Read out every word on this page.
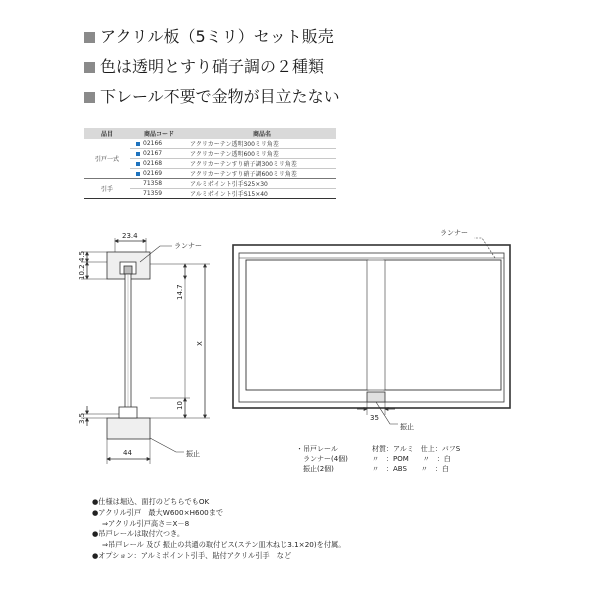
アクリル板（5ミリ）セット販売
色は透明とすり硝子調の２種類
下レール不要で金物が目立たない
品目	商品コード	商品名
引戸一式	02166	アクリカーテン透明300ミリ角差
	02167	アクリカーテン透明600ミリ角差
	02168	アクリカーテンすり硝子調300ミリ角差
	02169	アクリカーテンすり硝子調600ミリ角差
引手	71358	アルミポイント引手S25×30
	71359	アルミポイント引手S15×40
23.4
4.5
10.2
14.7
X
10
3.5
44
ランナー
振止
ランナー
35
振止
・吊戸レール	材質：アルミ　仕上：バフS
　ランナー(4個)	〃　：POM　　〃　：白
　振止(2個)	〃　：ABS　　〃　：白
●仕様は堀込、面打のどちらでもOK
●アクリル引戸　最大W600×H600まで
⇒アクリル引戸高さ＝X－8
●吊戸レールは取付穴つき。
⇒吊戸レール 及び 振止の共通の取付ビス(ステン皿木ねじ3.1×20)を付属。
●オプション：アルミポイント引手、貼付アクリル引手　など
